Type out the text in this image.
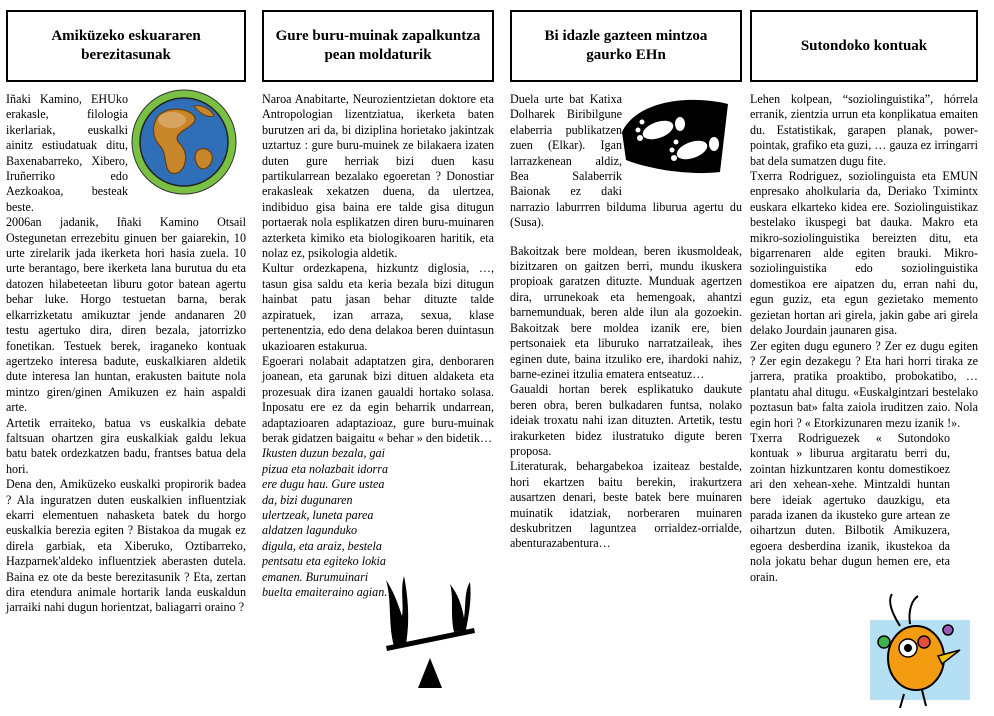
Amiküzeko eskuararen berezitasunak

Iñaki Kamino, EHUko erakasle, filologia ikerlariak, euskalki ainitz estiudatuak ditu, Baxenabarreko, Xibero, Iruñerriko edo Aezkoakoa, besteak beste.

2006an jadanik, Iñaki Kamino Otsail Ostegunetan errezebitu ginuen ber gaiarekin, 10 urte zirelarik jada ikerketa hori hasia zuela. 10 urte berantago, bere ikerketa lana burutua du eta datozen hilabeteetan liburu gotor batean agertu behar luke. Horgo testuetan barna, berak elkarrizketatu amikuztar jende andanaren 20 testu agertuko dira, diren bezala, jatorrizko fonetikan. Testuek berek, iraganeko kontuak agertzeko interesa badute, euskalkiaren aldetik dute interesa lan huntan, erakusten baitute nola mintzo giren/ginen Amikuzen ez hain aspaldi arte.

Artetik erraiteko, batua vs euskalkia debate faltsuan ohartzen gira euskalkiak galdu lekua batu batek ordezkatzen badu, frantses batua dela hori.

Dena den, Amiküzeko euskalki propirorik badea ? Ala inguratzen duten euskalkien influentziak ekarri elementuen nahasketa batek du horgo euskalkia berezia egiten ? Bistakoa da mugak ez direla garbiak, eta Xiberuko, Oztibarreko, Hazparnek'aldeko influentziek aberasten dutela. Baina ez ote da beste berezitasunik ? Eta, zertan dira etendura animale hortarik landa euskaldun jarraiki nahi dugun horientzat, baliagarri oraino ?

Gure buru-muinak zapalkuntza pean moldaturik

Naroa Anabitarte, Neurozientzietan doktore eta Antropologian lizentziatua, ikerketa baten burutzen ari da, bi diziplina horietako jakintzak uztartuz : gure buru-muinek ze bilakaera izaten duten gure herriak bizi duen kasu partikularrean bezalako egoeretan ? Donostiar erakasleak xekatzen duena, da ulertzea, indibiduo gisa baina ere talde gisa ditugun portaerak nola esplikatzen diren buru-muinaren azterketa kimiko eta biologikoaren haritik, eta nolaz ez, psikologia aldetik.

Kultur ordezkapena, hizkuntz diglosia, …, tasun gisa saldu eta keria bezala bizi ditugun hainbat patu jasan behar dituzte talde azpiratuek, izan arraza, sexua, klase pertenentzia, edo dena delakoa beren duintasun ukazioaren estakurua.

Egoerari nolabait adaptatzen gira, denboraren joanean, eta garunak bizi dituen aldaketa eta prozesuak dira izanen gaualdi hortako solasa. Inposatu ere ez da egin beharrik undarrean, adaptazioaren adaptazioaz, gure buru-muinak berak gidatzen baigaitu « behar » den bidetik…

Ikusten duzun bezala, gai pizua eta nolazbait idorra ere dugu hau. Gure ustea da, bizi dugunaren ulertzeak, luneta parea aldatzen lagunduko digula, eta araiz, bestela pentsatu eta egiteko lokia emanen. Burumuinari buelta emaiteraino agian.

Bi idazle gazteen mintzoa gaurko EHn

Duela urte bat Katixa Dolharek Biribilgune elaberria publikatzen zuen (Elkar). Igan larrazkenean aldiz, Bea Salaberrik Baionak ez daki narrazio laburrren bilduma liburua agertu du (Susa).

Bakoitzak bere moldean, beren ikusmoldeak, bizitzaren on gaitzen berri, mundu ikuskera propioak garatzen dituzte. Munduak agertzen dira, urrunekoak eta hemengoak, ahantzi barnemunduak, beren alde ilun ala gozoekin. Bakoitzak bere moldea izanik ere, bien pertsonaiek eta liburuko narratzaileak, ihes eginen dute, baina itzuliko ere, ihardoki nahiz, barne-ezinei itzulia ematera entseatuz…

Gaualdi hortan berek esplikatuko daukute beren obra, beren bulkadaren funtsa, nolako ideiak troxatu nahi izan dituzten. Artetik, testu irakurketen bidez ilustratuko digute beren proposa.

Literaturak, behargabekoa izaiteaz bestalde, hori ekartzen baitu berekin, irakurtzera ausartzen denari, beste batek bere muinaren muinatik idatziak, norberaren muinaren deskubritzen laguntzea orrialdez-orrialde, abenturazabentura…

Sutondoko kontuak

Lehen kolpean, “soziolinguistika”, hórrela erranik, zientzia urrun eta konplikatua emaiten du. Estatistikak, garapen planak, power-pointak, grafiko eta guzi, … gauza ez irringarri bat dela sumatzen dugu fite.

Txerra Rodriguez, soziolinguista eta EMUN enpresako aholkularia da, Deriako Tximintx euskara elkarteko kidea ere. Soziolinguistikaz bestelako ikuspegi bat dauka. Makro eta mikro-soziolinguistika bereizten ditu, eta bigarrenaren alde egiten brauki. Mikro-soziolinguistika edo soziolinguistika domestikoa ere aipatzen du, erran nahi du, egun guziz, eta egun gezietako memento gezietan hortan ari girela, jakin gabe ari girela delako Jourdain jaunaren gisa.

Zer egiten dugu egunero ? Zer ez dugu egiten ? Zer egin dezakegu ? Eta hari horri tiraka ze jarrera, pratika proaktibo, probokatibo, … plantatu ahal ditugu. «Euskalgintzari bestelako poztasun bat» falta zaiola iruditzen zaio. Nola egin hori ? « Etorkizunaren mezu izanik !».

Txerra Rodriguezek « Sutondoko kontuak » liburua argitaratu berri du, zointan hizkuntzaren kontu domestikoez ari den xehean-xehe. Mintzaldi huntan bere ideiak agertuko dauzkigu, eta parada izanen da ikusteko gure artean ze oihartzun duten. Bilbotik Amikuzera, egoera desberdina izanik, ikustekoa da nola jokatu behar dugun hemen ere, eta orain.
